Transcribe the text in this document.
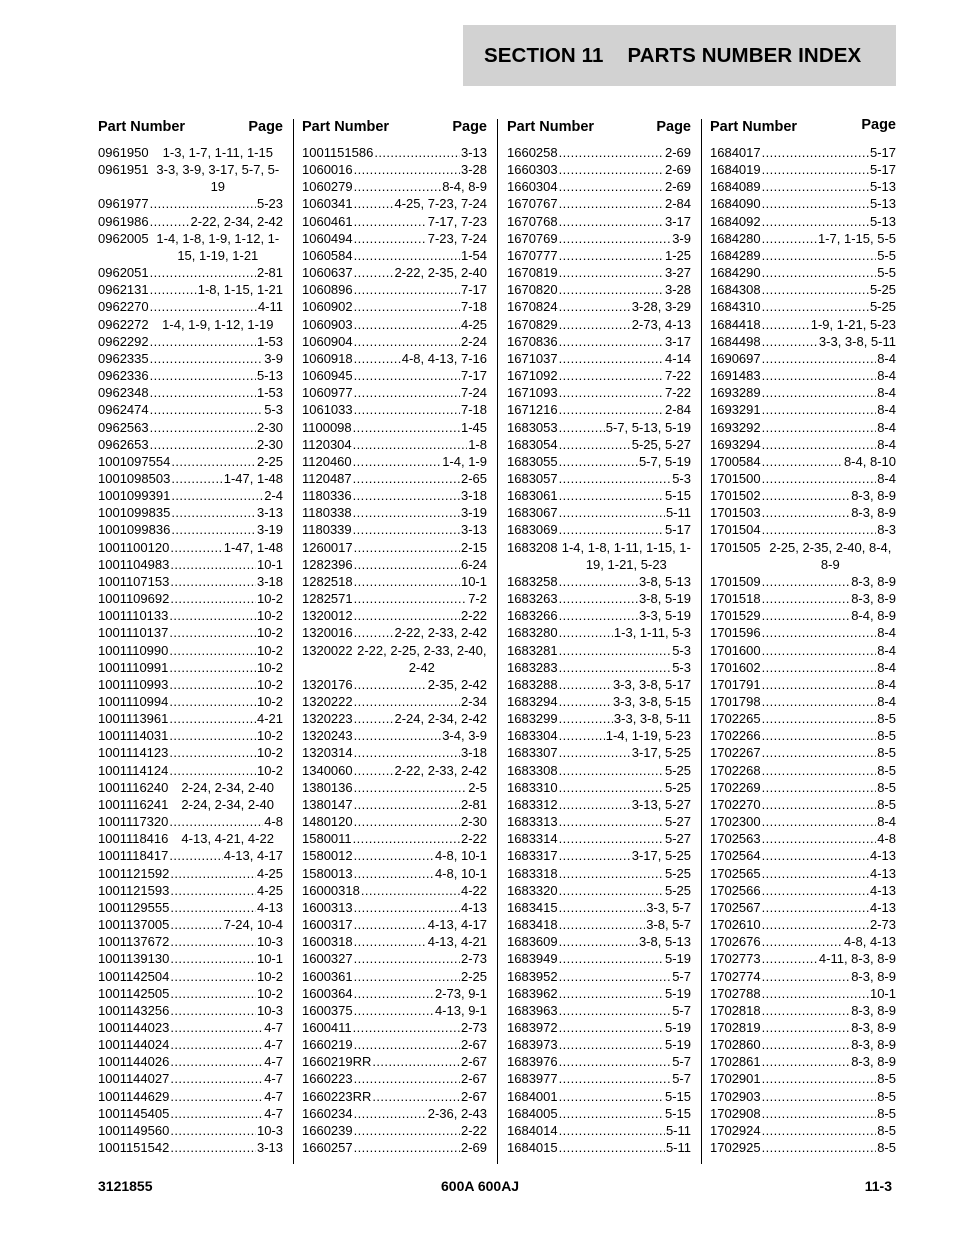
SECTION 11 PARTS NUMBER INDEX
Part Number	Page
0961950	1-3, 1-7, 1-11, 1-15
0961951 3-3, 3-9, 3-17, 5-7, 5-19
0961977 .....	5-23
0961986 .....	2-22, 2-34, 2-42
0962005 1-4, 1-8, 1-9, 1-12, 1-15, 1-19, 1-21
0962051 .....	2-81
0962131 .....	1-8, 1-15, 1-21
0962270 .....	4-11
0962272	1-4, 1-9, 1-12, 1-19
0962292 .....	1-53
0962335 .....	3-9
0962336 .....	5-13
0962348 .....	1-53
0962474 .....	5-3
0962563 .....	2-30
0962653 .....	2-30
1001097554 .....	2-25
1001098503 .....	1-47, 1-48
1001099391 .....	2-4
1001099835 .....	3-13
1001099836 .....	3-19
1001100120 .....	1-47, 1-48
1001104983 .....	10-1
1001107153 .....	3-18
1001109692 .....	10-2
1001110133 .....	10-2
1001110137 .....	10-2
1001110990 .....	10-2
1001110991 .....	10-2
1001110993 .....	10-2
1001110994 .....	10-2
1001113961 .....	4-21
1001114031 .....	10-2
1001114123 .....	10-2
1001114124 .....	10-2
1001116240	2-24, 2-34, 2-40
1001116241	2-24, 2-34, 2-40
1001117320 .....	4-8
1001118416	4-13, 4-21, 4-22
1001118417 .....	4-13, 4-17
1001121592 .....	4-25
1001121593 .....	4-25
1001129555 .....	4-13
1001137005 .....	7-24, 10-4
1001137672 .....	10-3
1001139130 .....	10-1
1001142504 .....	10-2
1001142505 .....	10-2
1001143256 .....	10-3
1001144023 .....	4-7
1001144024 .....	4-7
1001144026 .....	4-7
1001144027 .....	4-7
1001144629 .....	4-7
1001145405 .....	4-7
1001149560 .....	10-3
1001151542 .....	3-13
Part Number	Page
1001151586 .....	3-13
1060016 .....	3-28
1060279 .....	8-4, 8-9
1060341 .....	4-25, 7-23, 7-24
1060461 .....	7-17, 7-23
1060494 .....	7-23, 7-24
1060584 .....	1-54
1060637 .....	2-22, 2-35, 2-40
1060896 .....	7-17
1060902 .....	7-18
1060903 .....	4-25
1060904 .....	2-24
1060918 .....	4-8, 4-13, 7-16
1060945 .....	7-17
1060977 .....	7-24
1061033 .....	7-18
1100098 .....	1-45
1120304 .....	1-8
1120460 .....	1-4, 1-9
1120487 .....	2-65
1180336 .....	3-18
1180338 .....	3-19
1180339 .....	3-13
1260017 .....	2-15
1282396 .....	6-24
1282518 .....	10-1
1282571 .....	7-2
1320012 .....	2-22
1320016 .....	2-22, 2-33, 2-42
1320022 2-22, 2-25, 2-33, 2-40, 2-42
1320176 .....	2-35, 2-42
1320222 .....	2-34
1320223 .....	2-24, 2-34, 2-42
1320243 .....	3-4, 3-9
1320314 .....	3-18
1340060 .....	2-22, 2-33, 2-42
1380136 .....	2-5
1380147 .....	2-81
1480120 .....	2-30
1580011 .....	2-22
1580012 .....	4-8, 10-1
1580013 .....	4-8, 10-1
16000318 .....	4-22
1600313 .....	4-13
1600317 .....	4-13, 4-17
1600318 .....	4-13, 4-21
1600327 .....	2-73
1600361 .....	2-25
1600364 .....	2-73, 9-1
1600375 .....	4-13, 9-1
1600411 .....	2-73
1660219 .....	2-67
1660219RR .....	2-67
1660223 .....	2-67
1660223RR .....	2-67
1660234 .....	2-36, 2-43
1660239 .....	2-22
1660257 .....	2-69
Part Number	Page
1660258 .....	2-69
1660303 .....	2-69
1660304 .....	2-69
1670767 .....	2-84
1670768 .....	3-17
1670769 .....	3-9
1670777 .....	1-25
1670819 .....	3-27
1670820 .....	3-28
1670824 .....	3-28, 3-29
1670829 .....	2-73, 4-13
1670836 .....	3-17
1671037 .....	4-14
1671092 .....	7-22
1671093 .....	7-22
1671216 .....	2-84
1683053 .....	5-7, 5-13, 5-19
1683054 .....	5-25, 5-27
1683055 .....	5-7, 5-19
1683057 .....	5-3
1683061 .....	5-15
1683067 .....	5-11
1683069 .....	5-17
1683208 1-4, 1-8, 1-11, 1-15, 1-19, 1-21, 5-23
1683258 .....	3-8, 5-13
1683263 .....	3-8, 5-19
1683266 .....	3-3, 5-19
1683280 .....	1-3, 1-11, 5-3
1683281 .....	5-3
1683283 .....	5-3
1683288 .....	3-3, 3-8, 5-17
1683294 .....	3-3, 3-8, 5-15
1683299 .....	3-3, 3-8, 5-11
1683304 .....	1-4, 1-19, 5-23
1683307 .....	3-17, 5-25
1683308 .....	5-25
1683310 .....	5-25
1683312 .....	3-13, 5-27
1683313 .....	5-27
1683314 .....	5-27
1683317 .....	3-17, 5-25
1683318 .....	5-25
1683320 .....	5-25
1683415 .....	3-3, 5-7
1683418 .....	3-8, 5-7
1683609 .....	3-8, 5-13
1683949 .....	5-19
1683952 .....	5-7
1683962 .....	5-19
1683963 .....	5-7
1683972 .....	5-19
1683973 .....	5-19
1683976 .....	5-7
1683977 .....	5-7
1684001 .....	5-15
1684005 .....	5-15
1684014 .....	5-11
1684015 .....	5-11
Part Number	Page
1684017 .....	5-17
1684019 .....	5-17
1684089 .....	5-13
1684090 .....	5-13
1684092 .....	5-13
1684280 .....	1-7, 1-15, 5-5
1684289 .....	5-5
1684290 .....	5-5
1684308 .....	5-25
1684310 .....	5-25
1684418 .....	1-9, 1-21, 5-23
1684498 .....	3-3, 3-8, 5-11
1690697 .....	8-4
1691483 .....	8-4
1693289 .....	8-4
1693291 .....	8-4
1693292 .....	8-4
1693294 .....	8-4
1700584 .....	8-4, 8-10
1701500 .....	8-4
1701502 .....	8-3, 8-9
1701503 .....	8-3, 8-9
1701504 .....	8-3
1701505 2-25, 2-35, 2-40, 8-4, 8-9
1701509 .....	8-3, 8-9
1701518 .....	8-3, 8-9
1701529 .....	8-4, 8-9
1701596 .....	8-4
1701600 .....	8-4
1701602 .....	8-4
1701791 .....	8-4
1701798 .....	8-4
1702265 .....	8-5
1702266 .....	8-5
1702267 .....	8-5
1702268 .....	8-5
1702269 .....	8-5
1702270 .....	8-5
1702300 .....	8-4
1702563 .....	4-8
1702564 .....	4-13
1702565 .....	4-13
1702566 .....	4-13
1702567 .....	4-13
1702610 .....	2-73
1702676 .....	4-8, 4-13
1702773 .....	4-11, 8-3, 8-9
1702774 .....	8-3, 8-9
1702788 .....	10-1
1702818 .....	8-3, 8-9
1702819 .....	8-3, 8-9
1702860 .....	8-3, 8-9
1702861 .....	8-3, 8-9
1702901 .....	8-5
1702903 .....	8-5
1702908 .....	8-5
1702924 .....	8-5
1702925 .....	8-5
3121855	600A 600AJ	11-3
